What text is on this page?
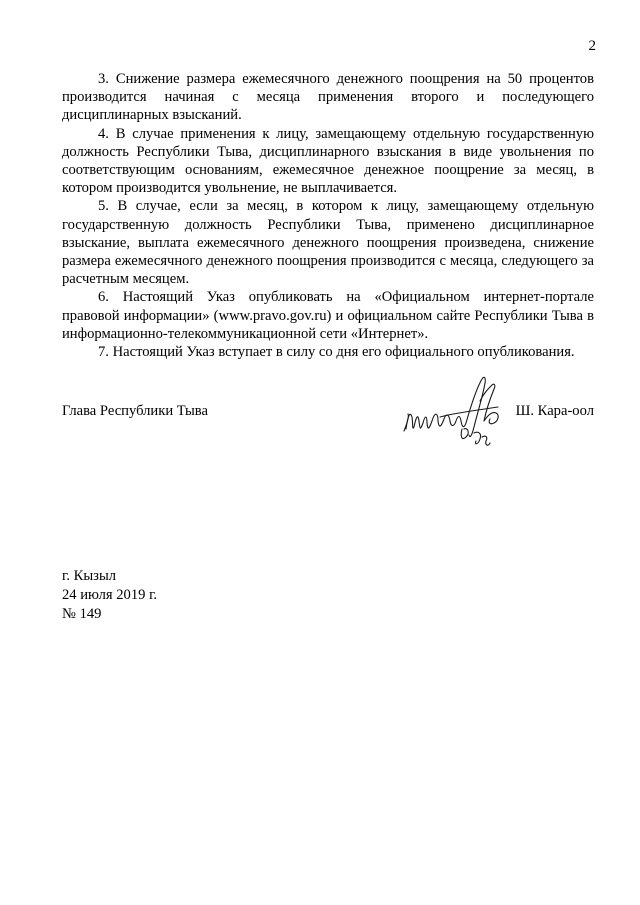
2

3. Снижение размера ежемесячного денежного поощрения на 50 процентов производится начиная с месяца применения второго и последующего дисциплинарных взысканий.

4. В случае применения к лицу, замещающему отдельную государственную должность Республики Тыва, дисциплинарного взыскания в виде увольнения по соответствующим основаниям, ежемесячное денежное поощрение за месяц, в котором производится увольнение, не выплачивается.

5. В случае, если за месяц, в котором к лицу, замещающему отдельную государственную должность Республики Тыва, применено дисциплинарное взыскание, выплата ежемесячного денежного поощрения произведена, снижение размера ежемесячного денежного поощрения производится с месяца, следующего за расчетным месяцем.

6. Настоящий Указ опубликовать на «Официальном интернет-портале правовой информации» (www.pravo.gov.ru) и официальном сайте Республики Тыва в информационно-телекоммуникационной сети «Интернет».

7. Настоящий Указ вступает в силу со дня его официального опубликования.

Глава Республики Тыва	Ш. Кара-оол
г. Кызыл
24 июля 2019 г.
№ 149
